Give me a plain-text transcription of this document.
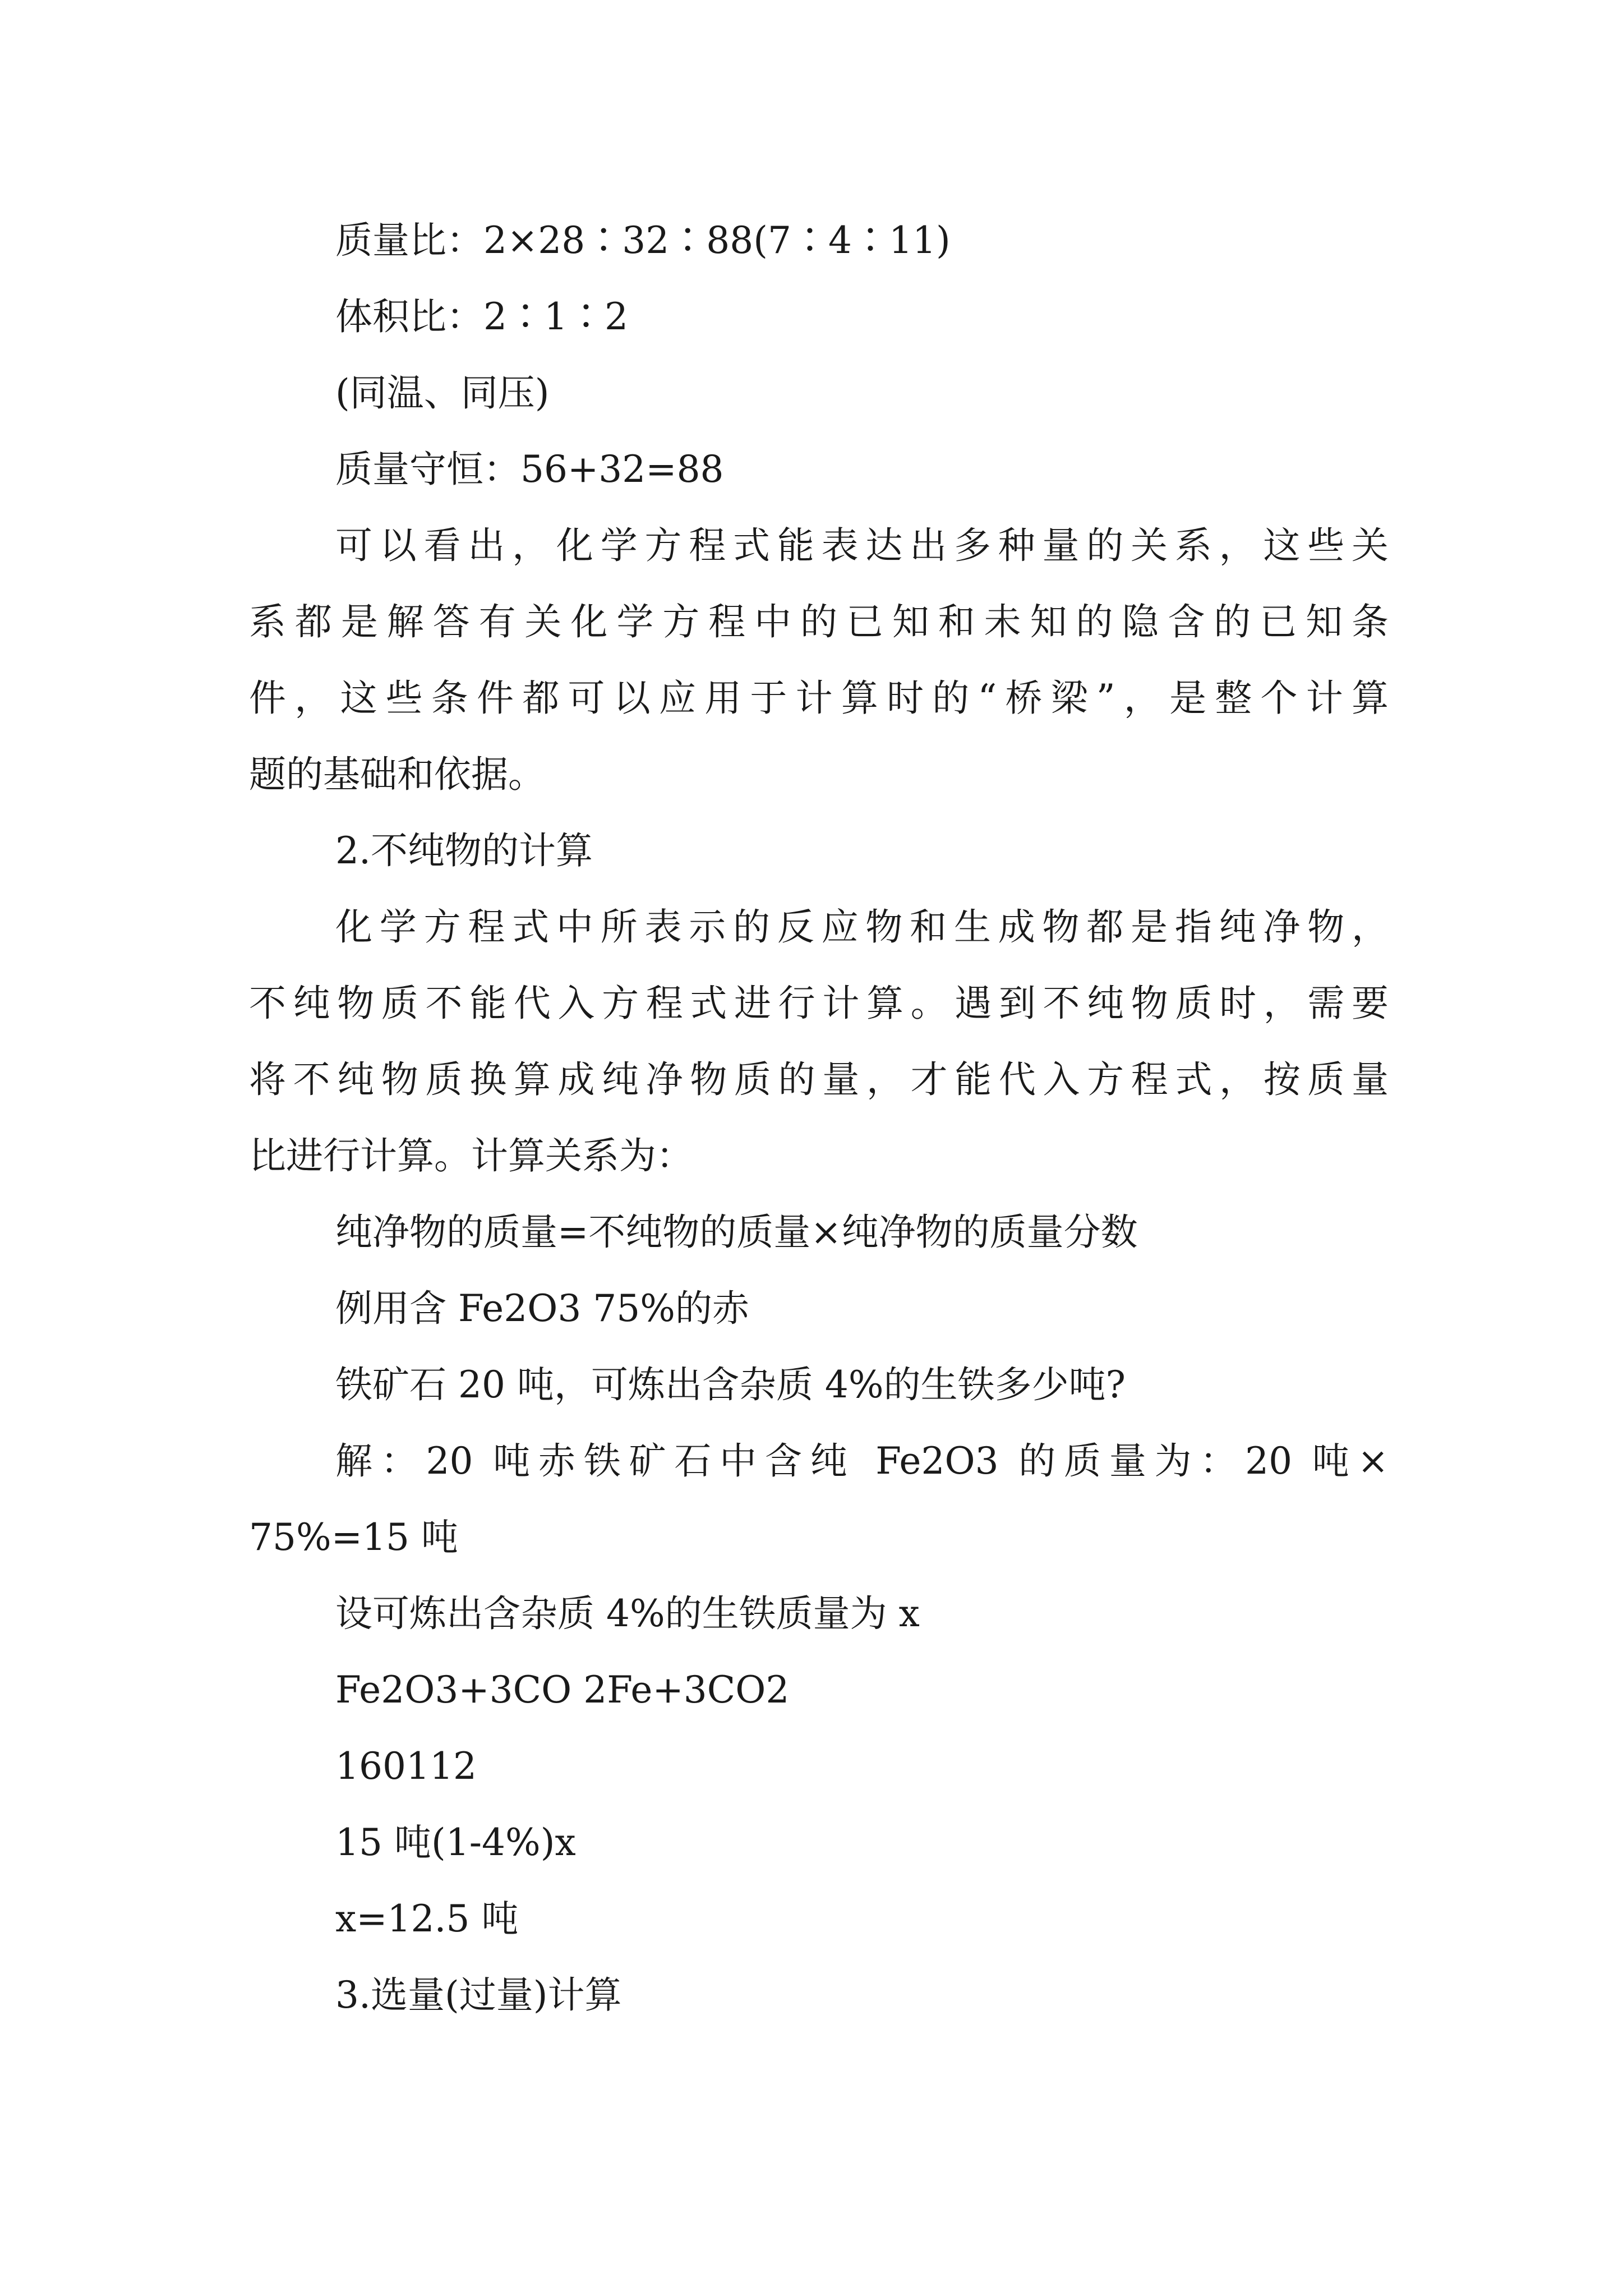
质量比：2×28∶32∶88(7∶4∶11)
体积比：2∶1∶2
(同温、同压)
质量守恒：56+32=88
可以看出，化学方程式能表达出多种量的关系，这些关
系都是解答有关化学方程中的已知和未知的隐含的已知条
件，这些条件都可以应用于计算时的“桥梁”，是整个计算
题的基础和依据。
2.不纯物的计算
化学方程式中所表示的反应物和生成物都是指纯净物，
不纯物质不能代入方程式进行计算。遇到不纯物质时，需要
将不纯物质换算成纯净物质的量，才能代入方程式，按质量
比进行计算。计算关系为：
纯净物的质量=不纯物的质量×纯净物的质量分数
例用含 Fe2O3 75%的赤
铁矿石 20 吨，可炼出含杂质 4%的生铁多少吨?
解：20 吨赤铁矿石中含纯 Fe2O3 的质量为：20 吨×
75%=15 吨
设可炼出含杂质 4%的生铁质量为 x
Fe2O3+3CO 2Fe+3CO2
160112
15 吨(1-4%)x
x=12.5 吨
3.选量(过量)计算
